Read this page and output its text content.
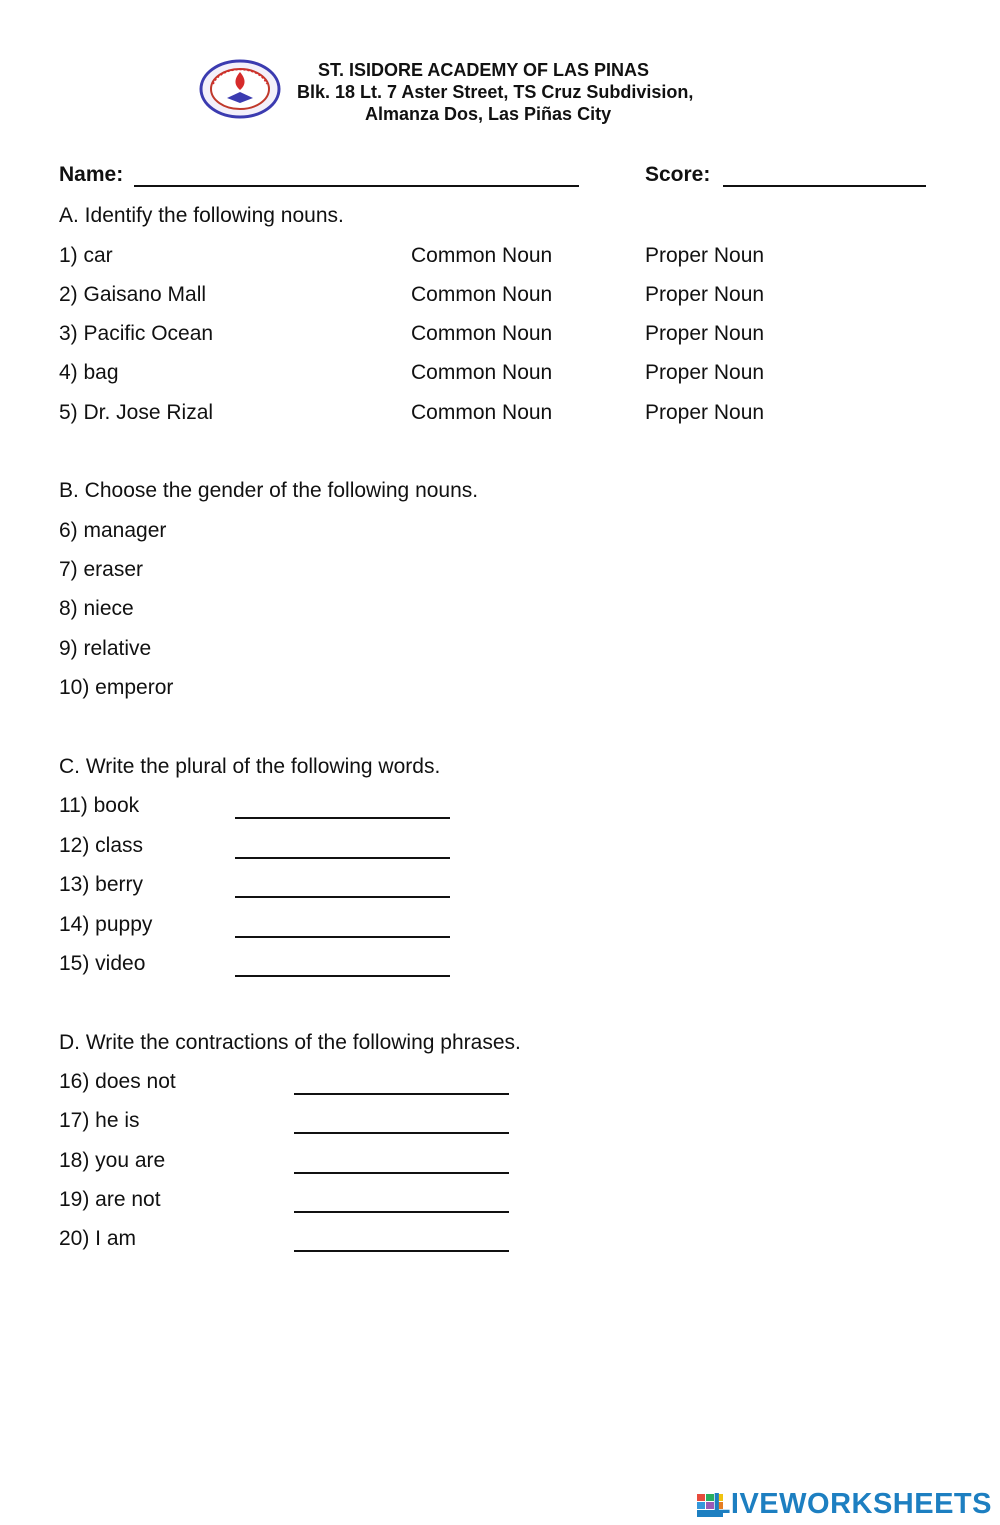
ST. ISIDORE ACADEMY OF LAS PINAS
Blk. 18 Lt. 7 Aster Street, TS Cruz Subdivision,
Almanza Dos, Las Piñas City
Name:	Score:
A. Identify the following nouns.
1) car	Common Noun	Proper Noun
2) Gaisano Mall	Common Noun	Proper Noun
3) Pacific Ocean	Common Noun	Proper Noun
4) bag	Common Noun	Proper Noun
5) Dr. Jose Rizal	Common Noun	Proper Noun
B. Choose the gender of the following nouns.
6) manager
7) eraser
8) niece
9) relative
10) emperor
C. Write the plural of the following words.
11) book
12) class
13) berry
14) puppy
15) video
D. Write the contractions of the following phrases.
16) does not
17) he is
18) you are
19) are not
20) I am
LIVEWORKSHEETS
